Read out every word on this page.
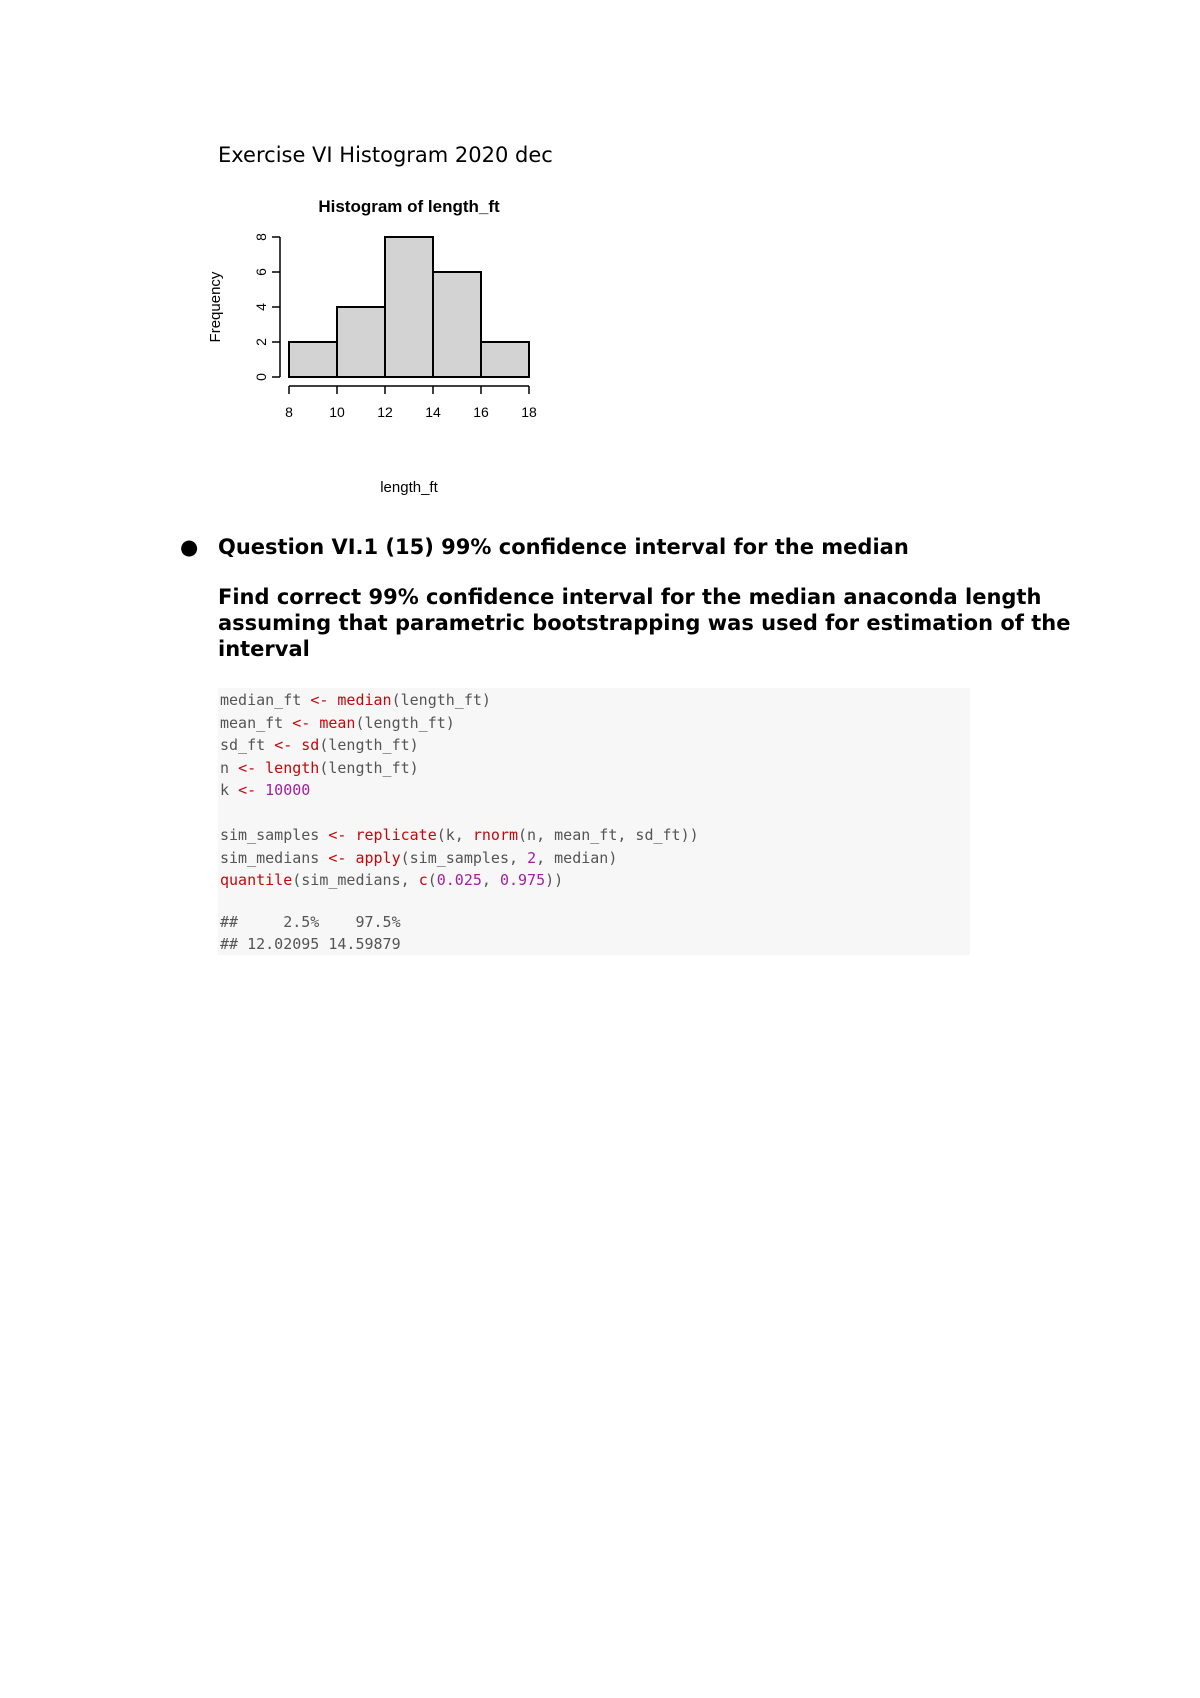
Exercise VI Histogram 2020 dec
Histogram of length_ft
Frequency
length_ft
0
2
4
6
8
8	10 12 14 16 18
● Question VI.1 (15) 99% confidence interval for the median
Find correct 99% confidence interval for the median anaconda length assuming that parametric bootstrapping was used for estimation of the interval
median_ft <- median(length_ft)
mean_ft <- mean(length_ft)
sd_ft <- sd(length_ft)
n <- length(length_ft)
k <- 10000
sim_samples <- replicate(k, rnorm(n, mean_ft, sd_ft))
sim_medians <- apply(sim_samples, 2, median)
quantile(sim_medians, c(0.025, 0.975))
##     2.5%    97.5%
## 12.02095 14.59879
